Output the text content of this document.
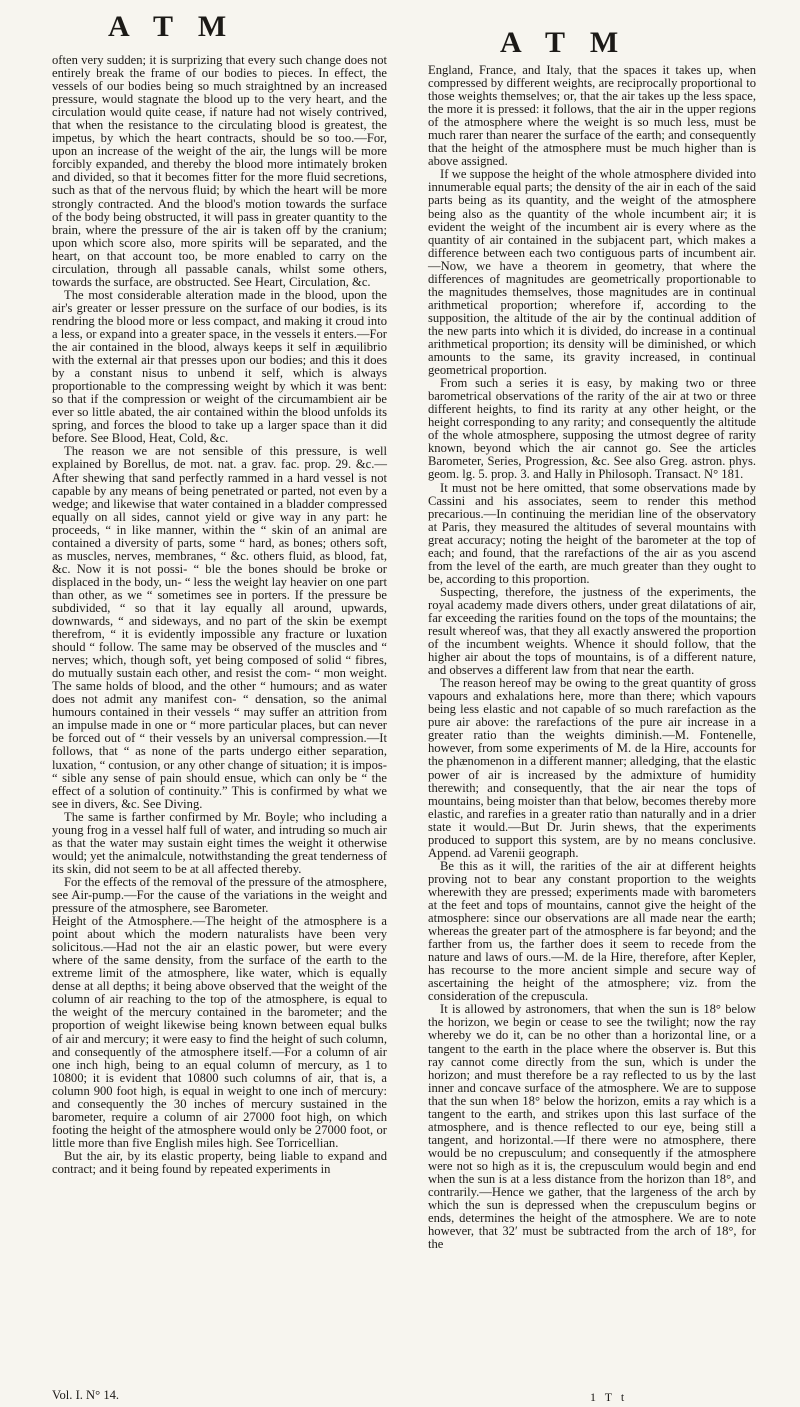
A T M	A T M

often very sudden; it is surprizing that every such change does not entirely break the frame of our bodies to pieces. In effect, the vessels of our bodies being so much straightned by an increased pressure, would stagnate the blood up to the very heart, and the circulation would quite cease, if nature had not wisely contrived, that when the resistance to the circulating blood is greatest, the impetus, by which the heart contracts, should be so too.—For, upon an increase of the weight of the air, the lungs will be more forcibly expanded, and thereby the blood more intimately broken and divided, so that it becomes fitter for the more fluid secretions, such as that of the nervous fluid; by which the heart will be more strongly contracted. And the blood's motion towards the surface of the body being obstructed, it will pass in greater quantity to the brain, where the pressure of the air is taken off by the cranium; upon which score also, more spirits will be separated, and the heart, on that account too, be more enabled to carry on the circulation, through all passable canals, whilst some others, towards the surface, are obstructed. See Heart, Circulation, &c.

The most considerable alteration made in the blood, upon the air's greater or lesser pressure on the surface of our bodies, is its rendring the blood more or less compact, and making it croud into a less, or expand into a greater space, in the vessels it enters.—For the air contained in the blood, always keeps it self in æquilibrio with the external air that presses upon our bodies; and this it does by a constant nisus to unbend it self, which is always proportionable to the compressing weight by which it was bent: so that if the compression or weight of the circumambient air be ever so little abated, the air contained within the blood unfolds its spring, and forces the blood to take up a larger space than it did before. See Blood, Heat, Cold, &c.

The reason we are not sensible of this pressure, is well explained by Borellus, de mot. nat. a grav. fac. prop. 29. &c.—After shewing that sand perfectly rammed in a hard vessel is not capable by any means of being penetrated or parted, not even by a wedge; and likewise that water contained in a bladder compressed equally on all sides, cannot yield or give way in any part: he proceeds, “ in like manner, within the “ skin of an animal are contained a diversity of parts, some “ hard, as bones; others soft, as muscles, nerves, membranes, “ &c. others fluid, as blood, fat, &c. Now it is not possi- “ ble the bones should be broke or displaced in the body, un- “ less the weight lay heavier on one part than other, as we “ sometimes see in porters. If the pressure be subdivided, “ so that it lay equally all around, upwards, downwards, “ and sideways, and no part of the skin be exempt therefrom, “ it is evidently impossible any fracture or luxation should “ follow. The same may be observed of the muscles and “ nerves; which, though soft, yet being composed of solid “ fibres, do mutually sustain each other, and resist the com- “ mon weight. The same holds of blood, and the other “ humours; and as water does not admit any manifest con- “ densation, so the animal humours contained in their vessels “ may suffer an attrition from an impulse made in one or “ more particular places, but can never be forced out of “ their vessels by an universal compression.—It follows, that “ as none of the parts undergo either separation, luxation, “ contusion, or any other change of situation; it is impos- “ sible any sense of pain should ensue, which can only be “ the effect of a solution of continuity.” This is confirmed by what we see in divers, &c. See Diving.

The same is farther confirmed by Mr. Boyle; who including a young frog in a vessel half full of water, and intruding so much air as that the water may sustain eight times the weight it otherwise would; yet the animalcule, notwithstanding the great tenderness of its skin, did not seem to be at all affected thereby.

For the effects of the removal of the pressure of the atmosphere, see Air-pump.—For the cause of the variations in the weight and pressure of the atmosphere, see Barometer.

Height of the Atmosphere.—The height of the atmosphere is a point about which the modern naturalists have been very solicitous.—Had not the air an elastic power, but were every where of the same density, from the surface of the earth to the extreme limit of the atmosphere, like water, which is equally dense at all depths; it being above observed that the weight of the column of air reaching to the top of the atmosphere, is equal to the weight of the mercury contained in the barometer; and the proportion of weight likewise being known between equal bulks of air and mercury; it were easy to find the height of such column, and consequently of the atmosphere itself.—For a column of air one inch high, being to an equal column of mercury, as 1 to 10800; it is evident that 10800 such columns of air, that is, a column 900 foot high, is equal in weight to one inch of mercury: and consequently the 30 inches of mercury sustained in the barometer, require a column of air 27000 foot high, on which footing the height of the atmosphere would only be 27000 foot, or little more than five English miles high. See Torricellian.

But the air, by its elastic property, being liable to expand and contract; and it being found by repeated experiments in

England, France, and Italy, that the spaces it takes up, when compressed by different weights, are reciprocally proportional to those weights themselves; or, that the air takes up the less space, the more it is pressed: it follows, that the air in the upper regions of the atmosphere where the weight is so much less, must be much rarer than nearer the surface of the earth; and consequently that the height of the atmosphere must be much higher than is above assigned.

If we suppose the height of the whole atmosphere divided into innumerable equal parts; the density of the air in each of the said parts being as its quantity, and the weight of the atmosphere being also as the quantity of the whole incumbent air; it is evident the weight of the incumbent air is every where as the quantity of air contained in the subjacent part, which makes a difference between each two contiguous parts of incumbent air.—Now, we have a theorem in geometry, that where the differences of magnitudes are geometrically proportionable to the magnitudes themselves, those magnitudes are in continual arithmetical proportion; wherefore if, according to the supposition, the altitude of the air by the continual addition of the new parts into which it is divided, do increase in a continual arithmetical proportion; its density will be diminished, or which amounts to the same, its gravity increased, in continual geometrical proportion.

From such a series it is easy, by making two or three barometrical observations of the rarity of the air at two or three different heights, to find its rarity at any other height, or the height corresponding to any rarity; and consequently the altitude of the whole atmosphere, supposing the utmost degree of rarity known, beyond which the air cannot go. See the articles Barometer, Series, Progression, &c. See also Greg. astron. phys. geom. lg. 5. prop. 3. and Hally in Philosoph. Transact. N° 181.

It must not be here omitted, that some observations made by Cassini and his associates, seem to render this method precarious.—In continuing the meridian line of the observatory at Paris, they measured the altitudes of several mountains with great accuracy; noting the height of the barometer at the top of each; and found, that the rarefactions of the air as you ascend from the level of the earth, are much greater than they ought to be, according to this proportion.

Suspecting, therefore, the justness of the experiments, the royal academy made divers others, under great dilatations of air, far exceeding the rarities found on the tops of the mountains; the result whereof was, that they all exactly answered the proportion of the incumbent weights. Whence it should follow, that the higher air about the tops of mountains, is of a different nature, and observes a different law from that near the earth.

The reason hereof may be owing to the great quantity of gross vapours and exhalations here, more than there; which vapours being less elastic and not capable of so much rarefaction as the pure air above: the rarefactions of the pure air increase in a greater ratio than the weights diminish.—M. Fontenelle, however, from some experiments of M. de la Hire, accounts for the phænomenon in a different manner; alledging, that the elastic power of air is increased by the admixture of humidity therewith; and consequently, that the air near the tops of mountains, being moister than that below, becomes thereby more elastic, and rarefies in a greater ratio than naturally and in a drier state it would.—But Dr. Jurin shews, that the experiments produced to support this system, are by no means conclusive. Append. ad Varenii geograph.

Be this as it will, the rarities of the air at different heights proving not to bear any constant proportion to the weights wherewith they are pressed; experiments made with barometers at the feet and tops of mountains, cannot give the height of the atmosphere: since our observations are all made near the earth; whereas the greater part of the atmosphere is far beyond; and the farther from us, the farther does it seem to recede from the nature and laws of ours.—M. de la Hire, therefore, after Kepler, has recourse to the more ancient simple and secure way of ascertaining the height of the atmosphere; viz. from the consideration of the crepuscula.

It is allowed by astronomers, that when the sun is 18° below the horizon, we begin or cease to see the twilight; now the ray whereby we do it, can be no other than a horizontal line, or a tangent to the earth in the place where the observer is. But this ray cannot come directly from the sun, which is under the horizon; and must therefore be a ray reflected to us by the last inner and concave surface of the atmosphere. We are to suppose that the sun when 18° below the horizon, emits a ray which is a tangent to the earth, and strikes upon this last surface of the atmosphere, and is thence reflected to our eye, being still a tangent, and horizontal.—If there were no atmosphere, there would be no crepusculum; and consequently if the atmosphere were not so high as it is, the crepusculum would begin and end when the sun is at a less distance from the horizon than 18°, and contrarily.—Hence we gather, that the largeness of the arch by which the sun is depressed when the crepusculum begins or ends, determines the height of the atmosphere. We are to note however, that 32′ must be subtracted from the arch of 18°, for the

Vol. I. N° 14.	1 T t
